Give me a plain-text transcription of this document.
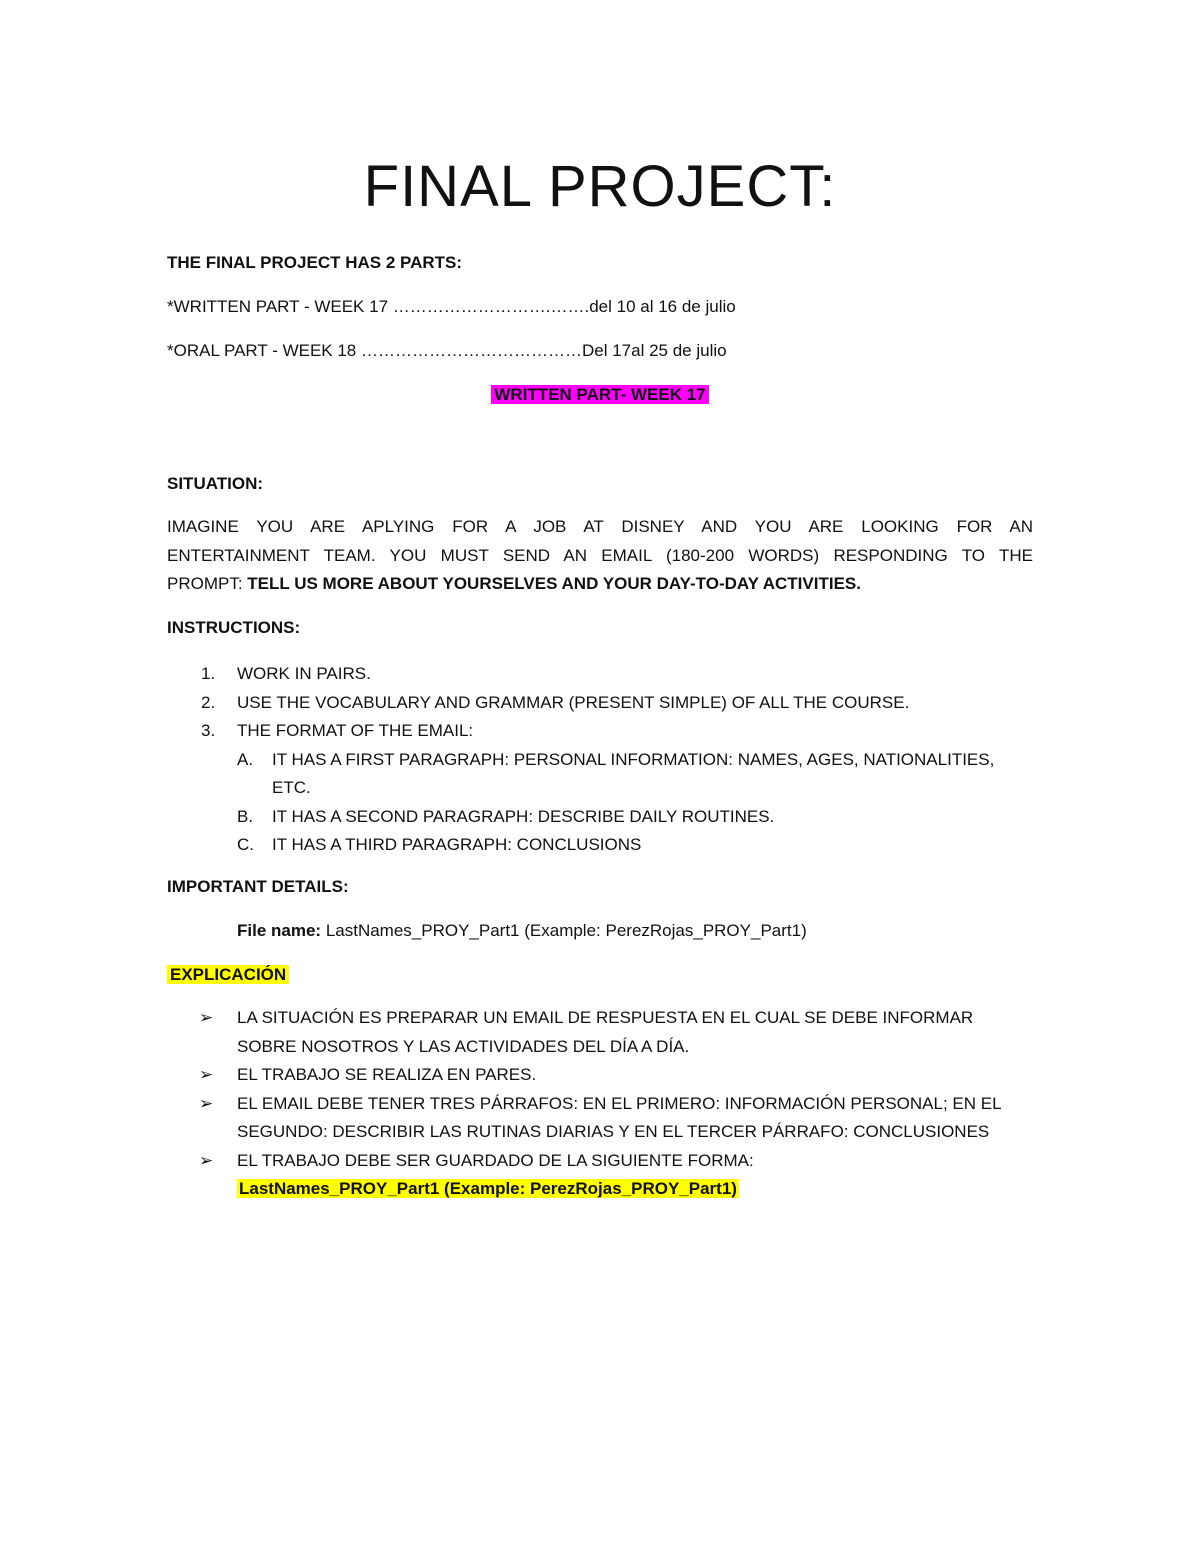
FINAL PROJECT:
THE FINAL PROJECT HAS 2 PARTS:
*WRITTEN PART - WEEK 17 ……………………….…….del 10 al 16 de julio
*ORAL PART - WEEK 18 …………………………………Del 17al 25 de julio
WRITTEN PART- WEEK 17
SITUATION:
IMAGINE YOU ARE APLYING FOR A JOB AT DISNEY AND YOU ARE LOOKING FOR AN
ENTERTAINMENT TEAM. YOU MUST SEND AN EMAIL (180-200 WORDS) RESPONDING TO THE
PROMPT: TELL US MORE ABOUT YOURSELVES AND YOUR DAY-TO-DAY ACTIVITIES.
INSTRUCTIONS:
1.	WORK IN PAIRS.
2.	USE THE VOCABULARY AND GRAMMAR (PRESENT SIMPLE) OF ALL THE COURSE.
3.	THE FORMAT OF THE EMAIL:
A.	IT HAS A FIRST PARAGRAPH: PERSONAL INFORMATION: NAMES, AGES, NATIONALITIES,
ETC.
B.	IT HAS A SECOND PARAGRAPH: DESCRIBE DAILY ROUTINES.
C.	IT HAS A THIRD PARAGRAPH: CONCLUSIONS
IMPORTANT DETAILS:
File name: LastNames_PROY_Part1 (Example: PerezRojas_PROY_Part1)
EXPLICACIÓN
➢	LA SITUACIÓN ES PREPARAR UN EMAIL DE RESPUESTA EN EL CUAL SE DEBE INFORMAR
SOBRE NOSOTROS Y LAS ACTIVIDADES DEL DÍA A DÍA.
➢	EL TRABAJO SE REALIZA EN PARES.
➢	EL EMAIL DEBE TENER TRES PÁRRAFOS: EN EL PRIMERO: INFORMACIÓN PERSONAL; EN EL
SEGUNDO: DESCRIBIR LAS RUTINAS DIARIAS Y EN EL TERCER PÁRRAFO: CONCLUSIONES
➢	EL TRABAJO DEBE SER GUARDADO DE LA SIGUIENTE FORMA:
LastNames_PROY_Part1 (Example: PerezRojas_PROY_Part1)
